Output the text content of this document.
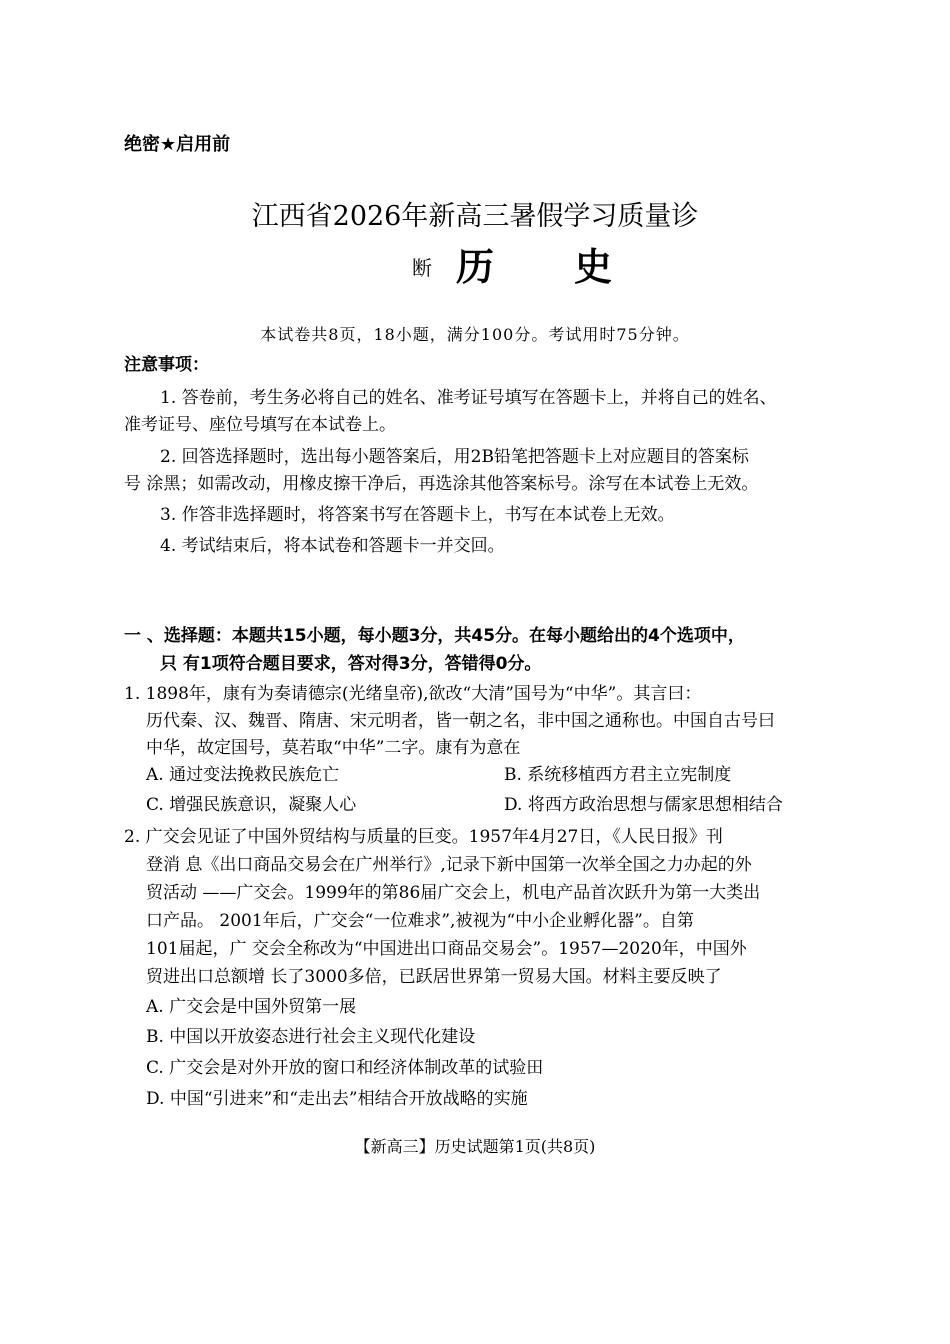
绝密★启用前
江西省2026年新高三暑假学习质量诊
断 历史
本试卷共8页，18小题，满分100分。考试用时75分钟。
注意事项：
1. 答卷前，考生务必将自己的姓名、准考证号填写在答题卡上，并将自己的姓名、
准考证号、座位号填写在本试卷上。
2. 回答选择题时，选出每小题答案后，用2B铅笔把答题卡上对应题目的答案标
号 涂黑；如需改动，用橡皮擦干净后，再选涂其他答案标号。涂写在本试卷上无效。
3. 作答非选择题时，将答案书写在答题卡上，书写在本试卷上无效。
4. 考试结束后，将本试卷和答题卡一并交回。
一 、选择题：本题共15小题，每小题3分，共45分。在每小题给出的4个选项中，
只 有1项符合题目要求，答对得3分，答错得0分。
1. 1898年，康有为奏请德宗(光绪皇帝),欲改“大清”国号为“中华”。其言曰：
历代秦、汉、魏晋、隋唐、宋元明者，皆一朝之名，非中国之通称也。中国自古号曰
中华，故定国号，莫若取“中华”二字。康有为意在
A. 通过变法挽救民族危亡	B. 系统移植西方君主立宪制度
C. 增强民族意识，凝聚人心	D. 将西方政治思想与儒家思想相结合
2. 广交会见证了中国外贸结构与质量的巨变。1957年4月27日，《人民日报》刊
登消 息《出口商品交易会在广州举行》,记录下新中国第一次举全国之力办起的外
贸活动 ——广交会。1999年的第86届广交会上，机电产品首次跃升为第一大类出
口产品。 2001年后，广交会“一位难求”,被视为“中小企业孵化器”。自第
101届起，广 交会全称改为“中国进出口商品交易会”。1957—2020年，中国外
贸进出口总额增 长了3000多倍，已跃居世界第一贸易大国。材料主要反映了
A. 广交会是中国外贸第一展
B. 中国以开放姿态进行社会主义现代化建设
C. 广交会是对外开放的窗口和经济体制改革的试验田
D. 中国“引进来”和“走出去”相结合开放战略的实施
【新高三】历史试题第1页(共8页)
